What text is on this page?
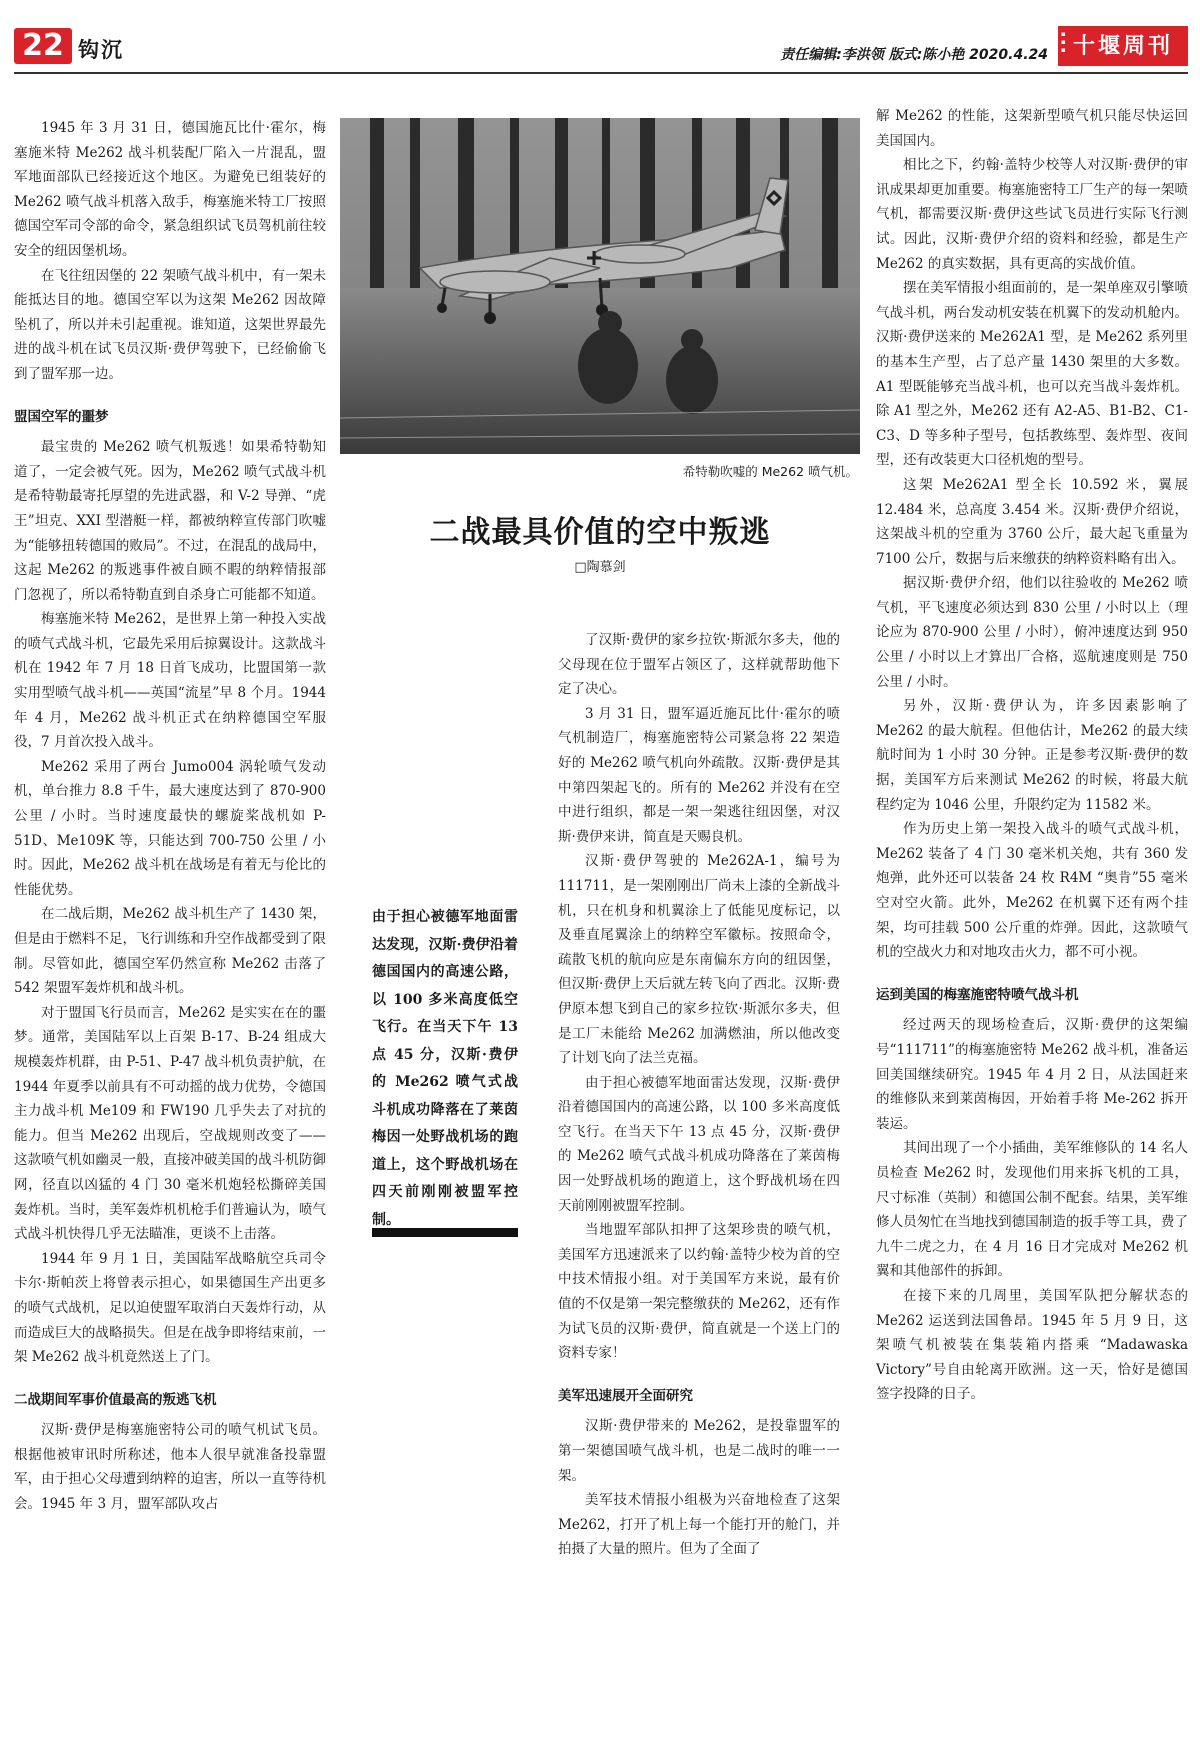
22 钩沉	责任编辑:李洪领 版式:陈小艳 2020.4.24
▪
▪
▪ 十堰周刊

1945 年 3 月 31 日，德国施瓦比什·霍尔，梅塞施米特 Me262 战斗机装配厂陷入一片混乱，盟军地面部队已经接近这个地区。为避免已组装好的 Me262 喷气战斗机落入敌手，梅塞施米特工厂按照德国空军司令部的命令，紧急组织试飞员驾机前往较安全的纽因堡机场。

在飞往纽因堡的 22 架喷气战斗机中，有一架未能抵达目的地。德国空军以为这架 Me262 因故障坠机了，所以并未引起重视。谁知道，这架世界最先进的战斗机在试飞员汉斯·费伊驾驶下，已经偷偷飞到了盟军那一边。

盟国空军的噩梦

最宝贵的 Me262 喷气机叛逃！如果希特勒知道了，一定会被气死。因为，Me262 喷气式战斗机是希特勒最寄托厚望的先进武器，和 V-2 导弹、“虎王”坦克、XXI 型潜艇一样，都被纳粹宣传部门吹嘘为“能够扭转德国的败局”。不过，在混乱的战局中，这起 Me262 的叛逃事件被自顾不暇的纳粹情报部门忽视了，所以希特勒直到自杀身亡可能都不知道。

梅塞施米特 Me262，是世界上第一种投入实战的喷气式战斗机，它最先采用后掠翼设计。这款战斗机在 1942 年 7 月 18 日首飞成功，比盟国第一款实用型喷气战斗机——英国“流星”早 8 个月。1944 年 4 月，Me262 战斗机正式在纳粹德国空军服役，7 月首次投入战斗。

Me262 采用了两台 Jumo004 涡轮喷气发动机，单台推力 8.8 千牛，最大速度达到了 870-900 公里 / 小时。当时速度最快的螺旋桨战机如 P-51D、Me109K 等，只能达到 700-750 公里 / 小时。因此，Me262 战斗机在战场是有着无与伦比的性能优势。

在二战后期，Me262 战斗机生产了 1430 架，但是由于燃料不足，飞行训练和升空作战都受到了限制。尽管如此，德国空军仍然宣称 Me262 击落了 542 架盟军轰炸机和战斗机。

对于盟国飞行员而言，Me262 是实实在在的噩梦。通常，美国陆军以上百架 B-17、B-24 组成大规模轰炸机群，由 P-51、P-47 战斗机负责护航，在 1944 年夏季以前具有不可动摇的战力优势，令德国主力战斗机 Me109 和 FW190 几乎失去了对抗的能力。但当 Me262 出现后，空战规则改变了——这款喷气机如幽灵一般，直接冲破美国的战斗机防御网，径直以凶猛的 4 门 30 毫米机炮轻松撕碎美国轰炸机。当时，美军轰炸机机枪手们普遍认为，喷气式战斗机快得几乎无法瞄准，更谈不上击落。

1944 年 9 月 1 日，美国陆军战略航空兵司令卡尔·斯帕茨上将曾表示担心，如果德国生产出更多的喷气式战机，足以迫使盟军取消白天轰炸行动，从而造成巨大的战略损失。但是在战争即将结束前，一架 Me262 战斗机竟然送上了门。

二战期间军事价值最高的叛逃飞机

汉斯·费伊是梅塞施密特公司的喷气机试飞员。根据他被审讯时所称述，他本人很早就准备投靠盟军，由于担心父母遭到纳粹的迫害，所以一直等待机会。1945 年 3 月，盟军部队攻占

希特勒吹嘘的 Me262 喷气机。
二战最具价值的空中叛逃
□陶慕剑
由于担心被德军地面雷达发现，汉斯·费伊沿着德国国内的高速公路，以 100 多米高度低空飞行。在当天下午 13 点 45 分，汉斯·费伊的 Me262 喷气式战斗机成功降落在了莱茵梅因一处野战机场的跑道上，这个野战机场在四天前刚刚被盟军控制。

了汉斯·费伊的家乡拉钦·斯派尔多夫，他的父母现在位于盟军占领区了，这样就帮助他下定了决心。

3 月 31 日，盟军逼近施瓦比什·霍尔的喷气机制造厂，梅塞施密特公司紧急将 22 架造好的 Me262 喷气机向外疏散。汉斯·费伊是其中第四架起飞的。所有的 Me262 并没有在空中进行组织，都是一架一架逃往纽因堡，对汉斯·费伊来讲，简直是天赐良机。

汉斯·费伊驾驶的 Me262A-1，编号为 111711，是一架刚刚出厂尚未上漆的全新战斗机，只在机身和机翼涂上了低能见度标记，以及垂直尾翼涂上的纳粹空军徽标。按照命令，疏散飞机的航向应是东南偏东方向的纽因堡，但汉斯·费伊上天后就左转飞向了西北。汉斯·费伊原本想飞到自己的家乡拉钦·斯派尔多夫，但是工厂未能给 Me262 加满燃油，所以他改变了计划飞向了法兰克福。

由于担心被德军地面雷达发现，汉斯·费伊沿着德国国内的高速公路，以 100 多米高度低空飞行。在当天下午 13 点 45 分，汉斯·费伊的 Me262 喷气式战斗机成功降落在了莱茵梅因一处野战机场的跑道上，这个野战机场在四天前刚刚被盟军控制。

当地盟军部队扣押了这架珍贵的喷气机，美国军方迅速派来了以约翰·盖特少校为首的空中技术情报小组。对于美国军方来说，最有价值的不仅是第一架完整缴获的 Me262，还有作为试飞员的汉斯·费伊，简直就是一个送上门的资料专家！

美军迅速展开全面研究

汉斯·费伊带来的 Me262，是投靠盟军的第一架德国喷气战斗机，也是二战时的唯一一架。

美军技术情报小组极为兴奋地检查了这架 Me262，打开了机上每一个能打开的舱门，并拍摄了大量的照片。但为了全面了

解 Me262 的性能，这架新型喷气机只能尽快运回美国国内。

相比之下，约翰·盖特少校等人对汉斯·费伊的审讯成果却更加重要。梅塞施密特工厂生产的每一架喷气机，都需要汉斯·费伊这些试飞员进行实际飞行测试。因此，汉斯·费伊介绍的资料和经验，都是生产 Me262 的真实数据，具有更高的实战价值。

摆在美军情报小组面前的，是一架单座双引擎喷气战斗机，两台发动机安装在机翼下的发动机舱内。汉斯·费伊送来的 Me262A1 型，是 Me262 系列里的基本生产型，占了总产量 1430 架里的大多数。A1 型既能够充当战斗机，也可以充当战斗轰炸机。除 A1 型之外，Me262 还有 A2-A5、B1-B2、C1-C3、D 等多种子型号，包括教练型、轰炸型、夜间型，还有改装更大口径机炮的型号。

这架 Me262A1 型全长 10.592 米，翼展 12.484 米，总高度 3.454 米。汉斯·费伊介绍说，这架战斗机的空重为 3760 公斤，最大起飞重量为 7100 公斤，数据与后来缴获的纳粹资料略有出入。

据汉斯·费伊介绍，他们以往验收的 Me262 喷气机，平飞速度必须达到 830 公里 / 小时以上（理论应为 870-900 公里 / 小时），俯冲速度达到 950 公里 / 小时以上才算出厂合格，巡航速度则是 750 公里 / 小时。

另外，汉斯·费伊认为，许多因素影响了 Me262 的最大航程。但他估计，Me262 的最大续航时间为 1 小时 30 分钟。正是参考汉斯·费伊的数据，美国军方后来测试 Me262 的时候，将最大航程约定为 1046 公里，升限约定为 11582 米。

作为历史上第一架投入战斗的喷气式战斗机，Me262 装备了 4 门 30 毫米机关炮，共有 360 发炮弹，此外还可以装备 24 枚 R4M “奥肯”55 毫米空对空火箭。此外，Me262 在机翼下还有两个挂架，均可挂载 500 公斤重的炸弹。因此，这款喷气机的空战火力和对地攻击火力，都不可小视。

运到美国的梅塞施密特喷气战斗机

经过两天的现场检查后，汉斯·费伊的这架编号“111711”的梅塞施密特 Me262 战斗机，准备运回美国继续研究。1945 年 4 月 2 日，从法国赶来的维修队来到莱茵梅因，开始着手将 Me-262 拆开装运。

其间出现了一个小插曲，美军维修队的 14 名人员检查 Me262 时，发现他们用来拆飞机的工具，尺寸标准（英制）和德国公制不配套。结果，美军维修人员匆忙在当地找到德国制造的扳手等工具，费了九牛二虎之力，在 4 月 16 日才完成对 Me262 机翼和其他部件的拆卸。

在接下来的几周里，美国军队把分解状态的 Me262 运送到法国鲁昂。1945 年 5 月 9 日，这架喷气机被装在集装箱内搭乘 “Madawaska Victory”号自由轮离开欧洲。这一天，恰好是德国签字投降的日子。
